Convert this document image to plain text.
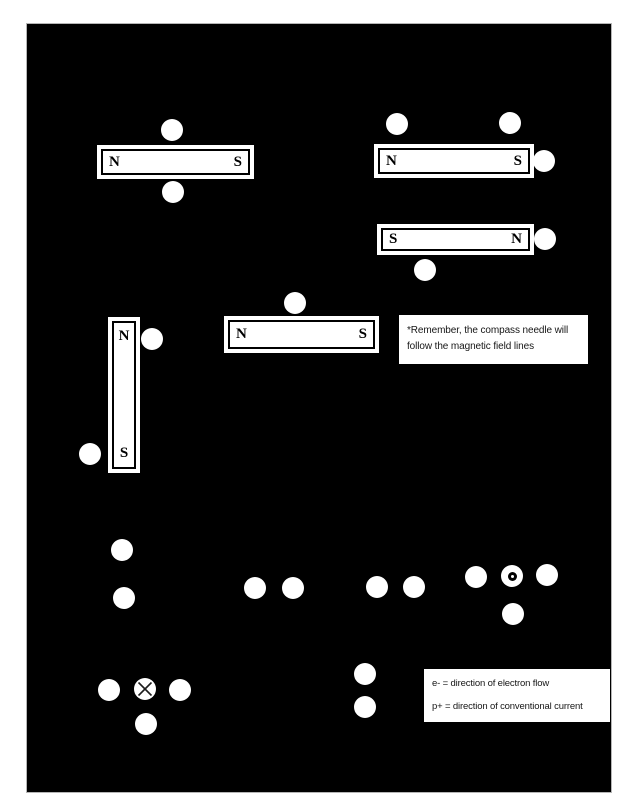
N	S	N	S
S	N
N
S
N	S	*Remember, the compass needle will
follow the magnetic field lines
e- = direction of electron flow
p+ = direction of conventional current
